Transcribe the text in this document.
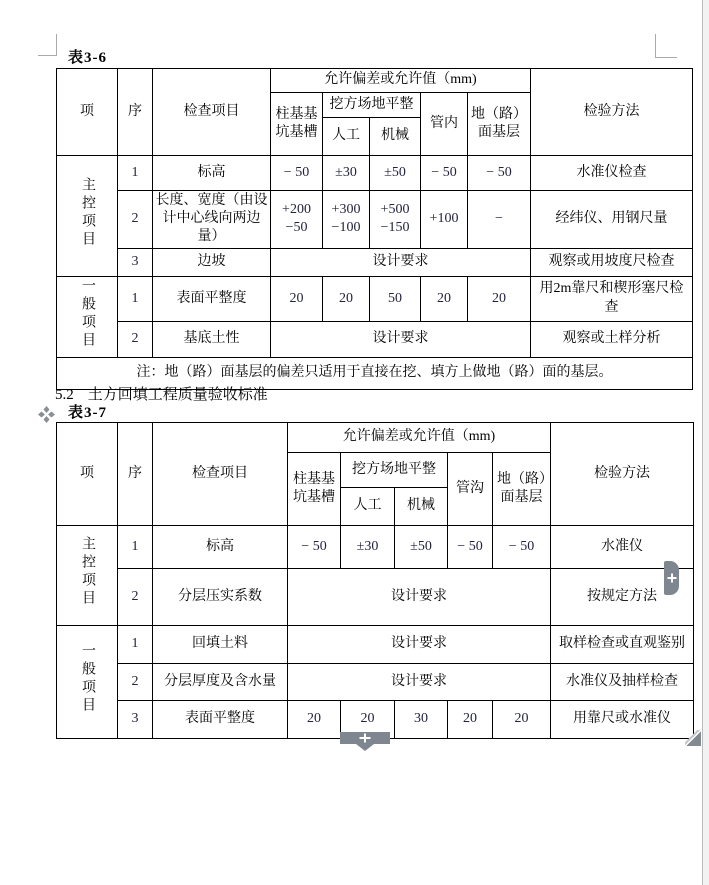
表3-6
项	序	检查项目	允许偏差或允许值（mm)					检验方法
			柱基基坑基槽	挖方场地平整		管内	地（路）面基层	
				人工	机械			
主控项目	1	标高	− 50	±30	±50	− 50	− 50	水准仪检查
	2	长度、宽度（由设计中心线向两边量）	+200 −50	+300 −100	+500 −150	+100	−	经纬仪、用钢尺量
	3	边坡	设计要求					观察或用坡度尺检查
一般项目	1	表面平整度	20	20	50	20	20	用2m靠尺和楔形塞尺检查
	2	基底土性	设计要求					观察或土样分析
注：地（路）面基层的偏差只适用于直接在挖、填方上做地（路）面的基层。								
5.2 土方回填工程质量验收标准
表3-7
项	序	检查项目	允许偏差或允许值（mm)					检验方法
			柱基基坑基槽	挖方场地平整		管沟	地（路）面基层	
				人工	机械			
主控项目	1	标高	− 50	±30	±50	− 50	− 50	水准仪
	2	分层压实系数	设计要求					按规定方法
一般项目	1	回填土料	设计要求					取样检查或直观鉴别
	2	分层厚度及含水量	设计要求					水准仪及抽样检查
	3	表面平整度	20	20	30	20	20	用靠尺或水准仪
